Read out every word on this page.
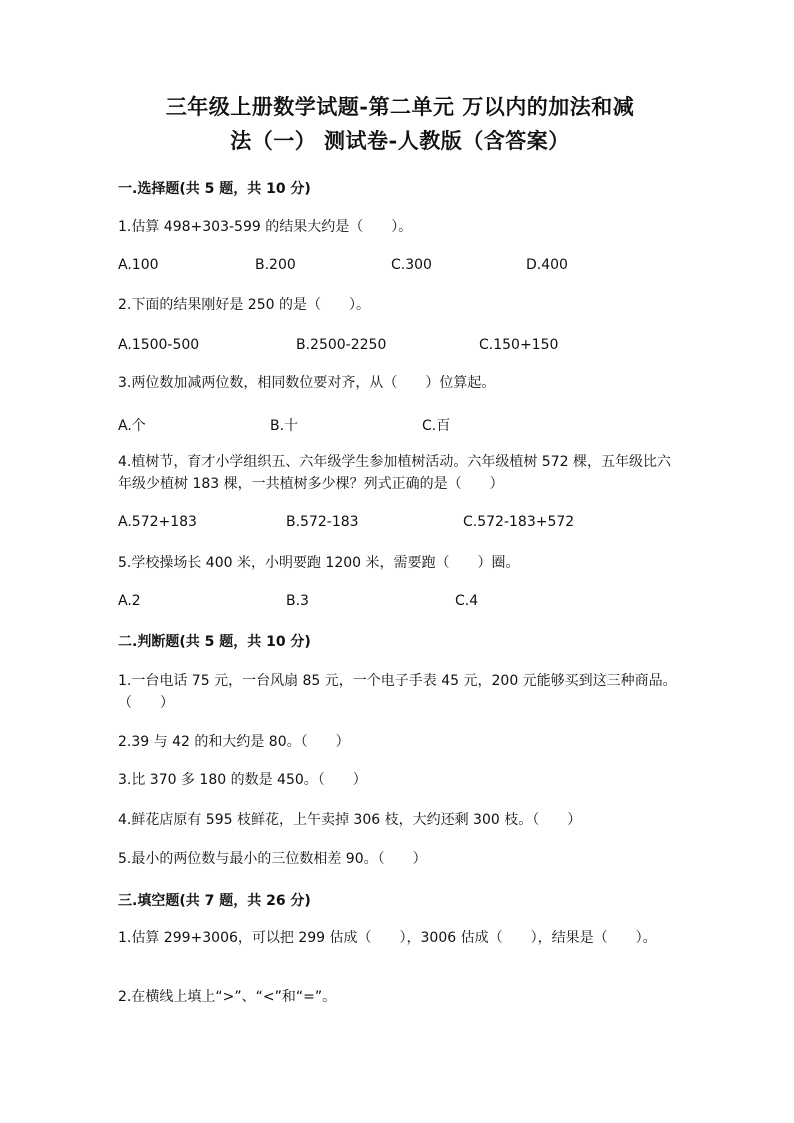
三年级上册数学试题-第二单元 万以内的加法和减
法（一） 测试卷-人教版（含答案）
一.选择题(共 5 题，共 10 分)
1.估算 498+303-599 的结果大约是（　　）。
A.100	B.200	C.300	D.400
2.下面的结果刚好是 250 的是（　　）。
A.1500-500	B.2500-2250	C.150+150
3.两位数加减两位数，相同数位要对齐，从（　　）位算起。
A.个	B.十	C.百
4.植树节，育才小学组织五、六年级学生参加植树活动。六年级植树 572 棵，五年级比六年级少植树 183 棵，一共植树多少棵？列式正确的是（　　）
A.572+183	B.572-183	C.572-183+572
5.学校操场长 400 米，小明要跑 1200 米，需要跑（　　）圈。
A.2	B.3	C.4
二.判断题(共 5 题，共 10 分)
1.一台电话 75 元，一台风扇 85 元，一个电子手表 45 元，200 元能够买到这三种商品。（　　）
2.39 与 42 的和大约是 80。（　　）
3.比 370 多 180 的数是 450。（　　）
4.鲜花店原有 595 枝鲜花，上午卖掉 306 枝，大约还剩 300 枝。（　　）
5.最小的两位数与最小的三位数相差 90。（　　）
三.填空题(共 7 题，共 26 分)
1.估算 299+3006，可以把 299 估成（　　），3006 估成（　　），结果是（　　）。
2.在横线上填上“>”、“<”和“=”。
